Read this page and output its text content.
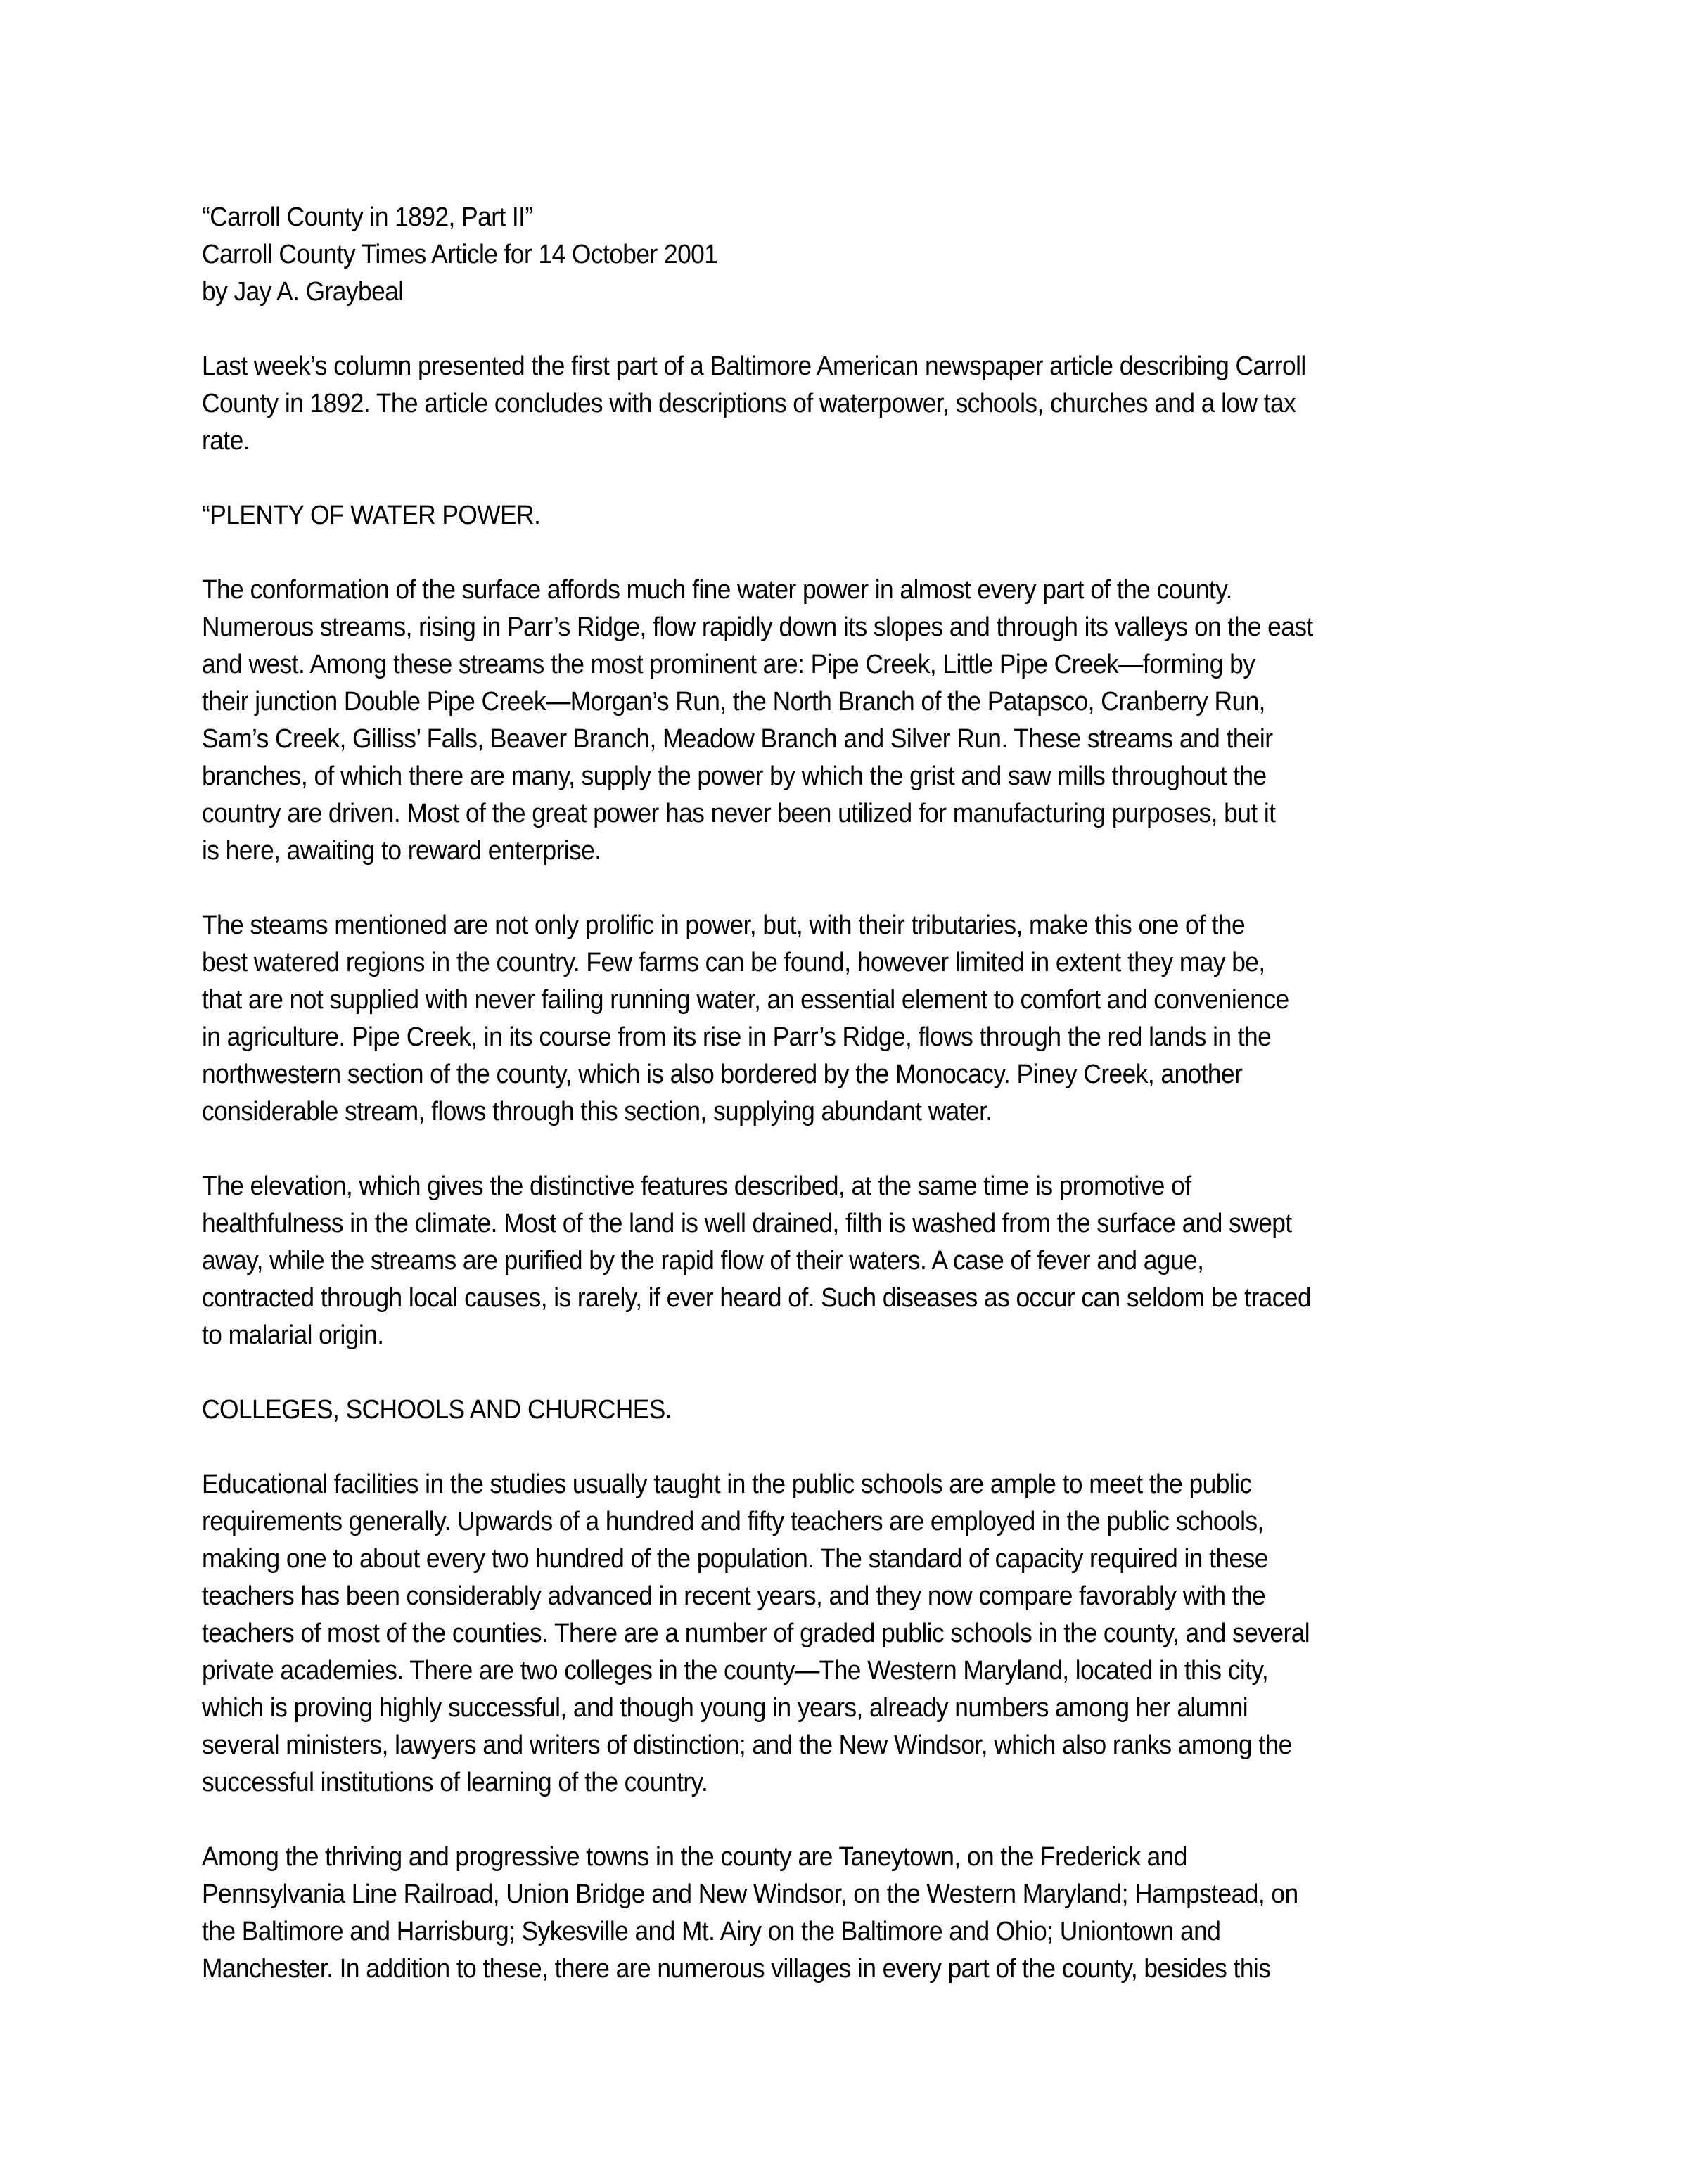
“Carroll County in 1892, Part II”
Carroll County Times Article for 14 October 2001
by Jay A. Graybeal
Last week’s column presented the first part of a Baltimore American newspaper article describing Carroll
County in 1892. The article concludes with descriptions of waterpower, schools, churches and a low tax
rate.
“PLENTY OF WATER POWER.
The conformation of the surface affords much fine water power in almost every part of the county.
Numerous streams, rising in Parr’s Ridge, flow rapidly down its slopes and through its valleys on the east
and west. Among these streams the most prominent are: Pipe Creek, Little Pipe Creek—forming by
their junction Double Pipe Creek—Morgan’s Run, the North Branch of the Patapsco, Cranberry Run,
Sam’s Creek, Gilliss’ Falls, Beaver Branch, Meadow Branch and Silver Run. These streams and their
branches, of which there are many, supply the power by which the grist and saw mills throughout the
country are driven. Most of the great power has never been utilized for manufacturing purposes, but it
is here, awaiting to reward enterprise.
The steams mentioned are not only prolific in power, but, with their tributaries, make this one of the
best watered regions in the country. Few farms can be found, however limited in extent they may be,
that are not supplied with never failing running water, an essential element to comfort and convenience
in agriculture. Pipe Creek, in its course from its rise in Parr’s Ridge, flows through the red lands in the
northwestern section of the county, which is also bordered by the Monocacy. Piney Creek, another
considerable stream, flows through this section, supplying abundant water.
The elevation, which gives the distinctive features described, at the same time is promotive of
healthfulness in the climate. Most of the land is well drained, filth is washed from the surface and swept
away, while the streams are purified by the rapid flow of their waters. A case of fever and ague,
contracted through local causes, is rarely, if ever heard of. Such diseases as occur can seldom be traced
to malarial origin.
COLLEGES, SCHOOLS AND CHURCHES.
Educational facilities in the studies usually taught in the public schools are ample to meet the public
requirements generally. Upwards of a hundred and fifty teachers are employed in the public schools,
making one to about every two hundred of the population. The standard of capacity required in these
teachers has been considerably advanced in recent years, and they now compare favorably with the
teachers of most of the counties. There are a number of graded public schools in the county, and several
private academies. There are two colleges in the county—The Western Maryland, located in this city,
which is proving highly successful, and though young in years, already numbers among her alumni
several ministers, lawyers and writers of distinction; and the New Windsor, which also ranks among the
successful institutions of learning of the country.
Among the thriving and progressive towns in the county are Taneytown, on the Frederick and
Pennsylvania Line Railroad, Union Bridge and New Windsor, on the Western Maryland; Hampstead, on
the Baltimore and Harrisburg; Sykesville and Mt. Airy on the Baltimore and Ohio; Uniontown and
Manchester. In addition to these, there are numerous villages in every part of the county, besides this
